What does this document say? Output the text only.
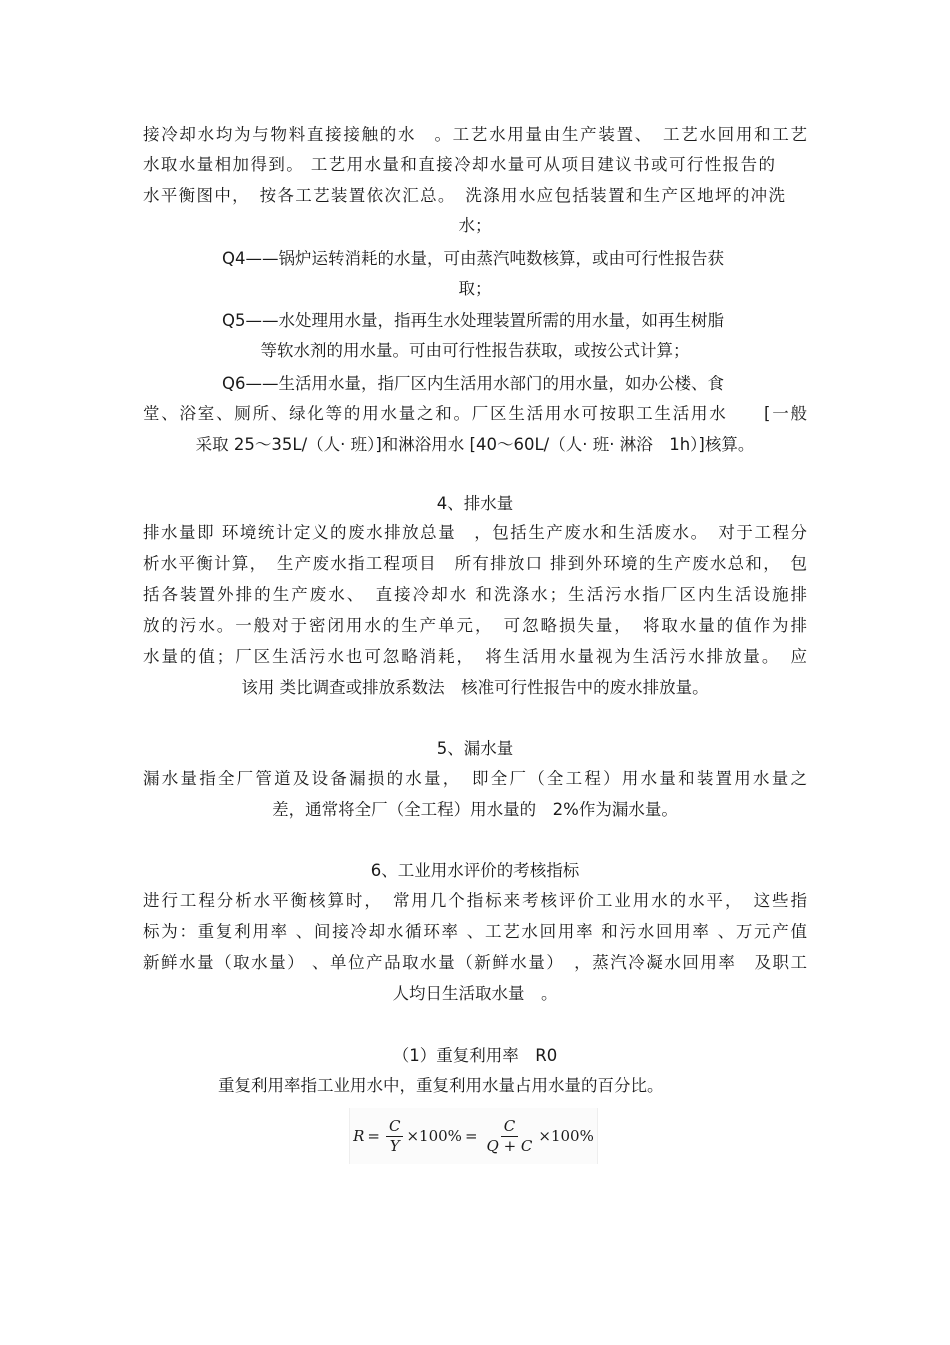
接冷却水均为与物料直接接触的水　。工艺水用量由生产装置、　工艺水回用和工艺
水取水量相加得到。 工艺用水量和直接冷却水量可从项目建议书或可行性报告的
水平衡图中，　按各工艺装置依次汇总。　洗涤用水应包括装置和生产区地坪的冲洗
水；
Q4——锅炉运转消耗的水量，可由蒸汽吨数核算，或由可行性报告获
取；
Q5——水处理用水量，指再生水处理装置所需的用水量，如再生树脂
等软水剂的用水量。可由可行性报告获取，或按公式计算；
Q6——生活用水量，指厂区内生活用水部门的用水量，如办公楼、食
堂、浴室、厕所、绿化等的用水量之和。厂区生活用水可按职工生活用水　　[一般
采取 25～35L/（人· 班）]和淋浴用水 [40～60L/（人· 班· 淋浴　1h）]核算。
4、排水量
排水量即 环境统计定义的废水排放总量　，包括生产废水和生活废水。　对于工程分
析水平衡计算，　生产废水指工程项目　所有排放口 排到外环境的生产废水总和，　包
括各装置外排的生产废水、　直接冷却水 和洗涤水；生活污水指厂区内生活设施排
放的污水。一般对于密闭用水的生产单元，　可忽略损失量，　将取水量的值作为排
水量的值；厂区生活污水也可忽略消耗，　将生活用水量视为生活污水排放量。　应
该用 类比调查或排放系数法　核准可行性报告中的废水排放量。
5、漏水量
漏水量指全厂管道及设备漏损的水量，　即全厂（全工程）用水量和装置用水量之
差，通常将全厂（全工程）用水量的　2%作为漏水量。
6、工业用水评价的考核指标
进行工程分析水平衡核算时，　常用几个指标来考核评价工业用水的水平，　这些指
标为：重复利用率 、间接冷却水循环率 、工艺水回用率 和污水回用率 、万元产值
新鲜水量（取水量） 、单位产品取水量（新鲜水量）　，蒸汽冷凝水回用率　及职工
人均日生活取水量　。
（1）重复利用率　R0
重复利用率指工业用水中，重复利用水量占用水量的百分比。
$R = \frac{C}{Y} \times 100\% = \frac{C}{Q + C} \times 100\%$
